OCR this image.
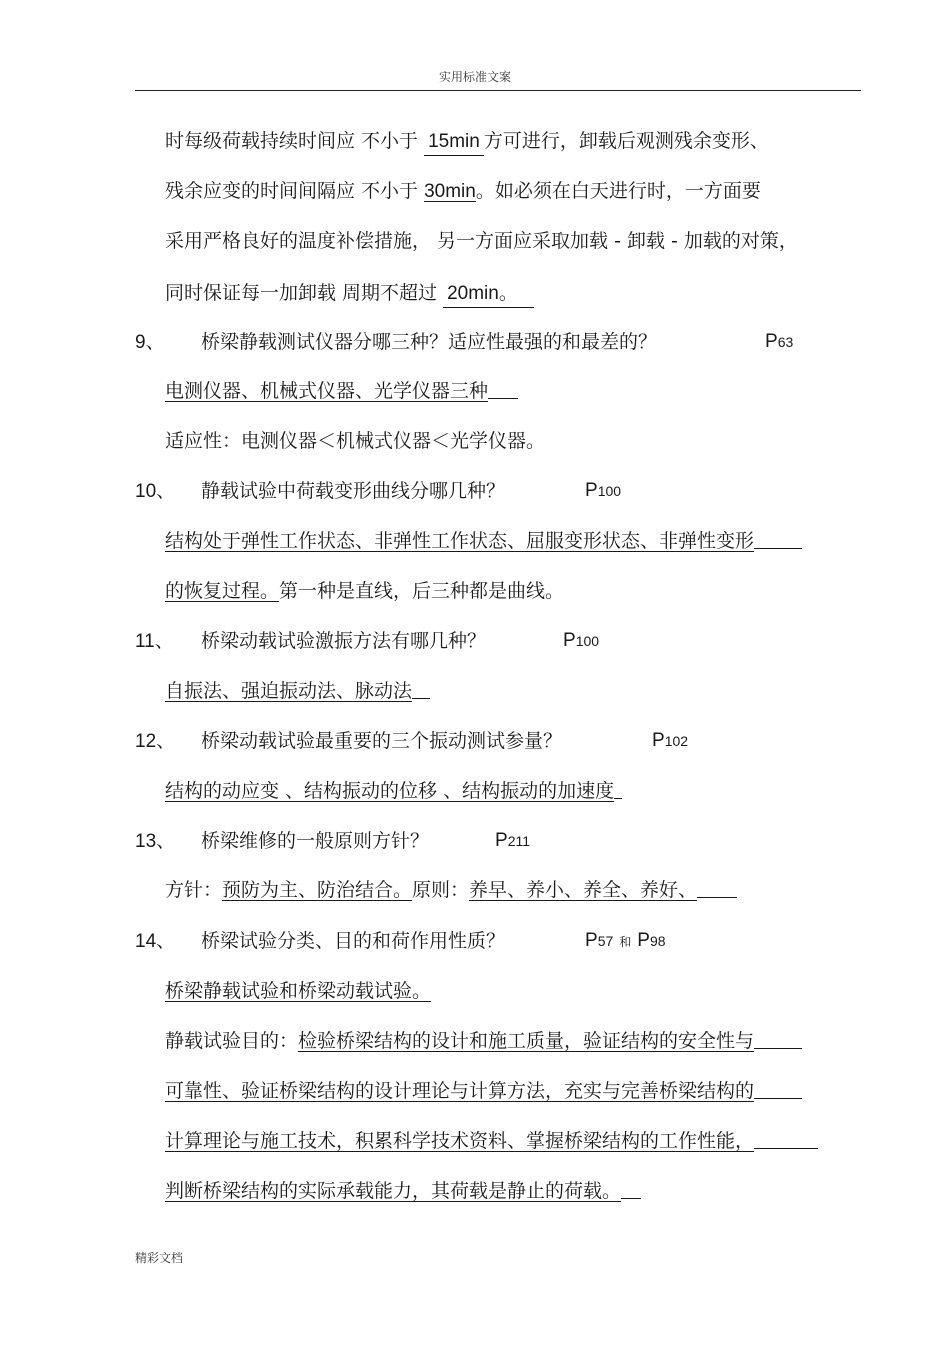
实用标准文案
时每级荷载持续时间应 不小于 15min 方可进行，卸载后观测残余变形、
残余应变的时间间隔应 不小于 30min。如必须在白天进行时，一方面要
采用严格良好的温度补偿措施， 另一方面应采取加载 - 卸载 - 加载的对策，
同时保证每一加卸载 周期不超过 20min。
9、 桥梁静载测试仪器分哪三种？适应性最强的和最差的？	P63
电测仪器、机械式仪器、光学仪器三种
适应性：电测仪器＜机械式仪器＜光学仪器。
10、 静载试验中荷载变形曲线分哪几种？	P100
结构处于弹性工作状态、非弹性工作状态、屈服变形状态、非弹性变形
的恢复过程。第一种是直线，后三种都是曲线。
11、 桥梁动载试验激振方法有哪几种？	P100
自振法、强迫振动法、脉动法
12、 桥梁动载试验最重要的三个振动测试参量？	P102
结构的动应变 、结构振动的位移 、结构振动的加速度
13、 桥梁维修的一般原则方针？	P211
方针：预防为主、防治结合。原则：养早、养小、养全、养好、
14、 桥梁试验分类、目的和荷作用性质？	P57 和 P98
桥梁静载试验和桥梁动载试验。
静载试验目的：检验桥梁结构的设计和施工质量，验证结构的安全性与
可靠性、验证桥梁结构的设计理论与计算方法，充实与完善桥梁结构的
计算理论与施工技术，积累科学技术资料、掌握桥梁结构的工作性能，
判断桥梁结构的实际承载能力，其荷载是静止的荷载。
精彩文档
